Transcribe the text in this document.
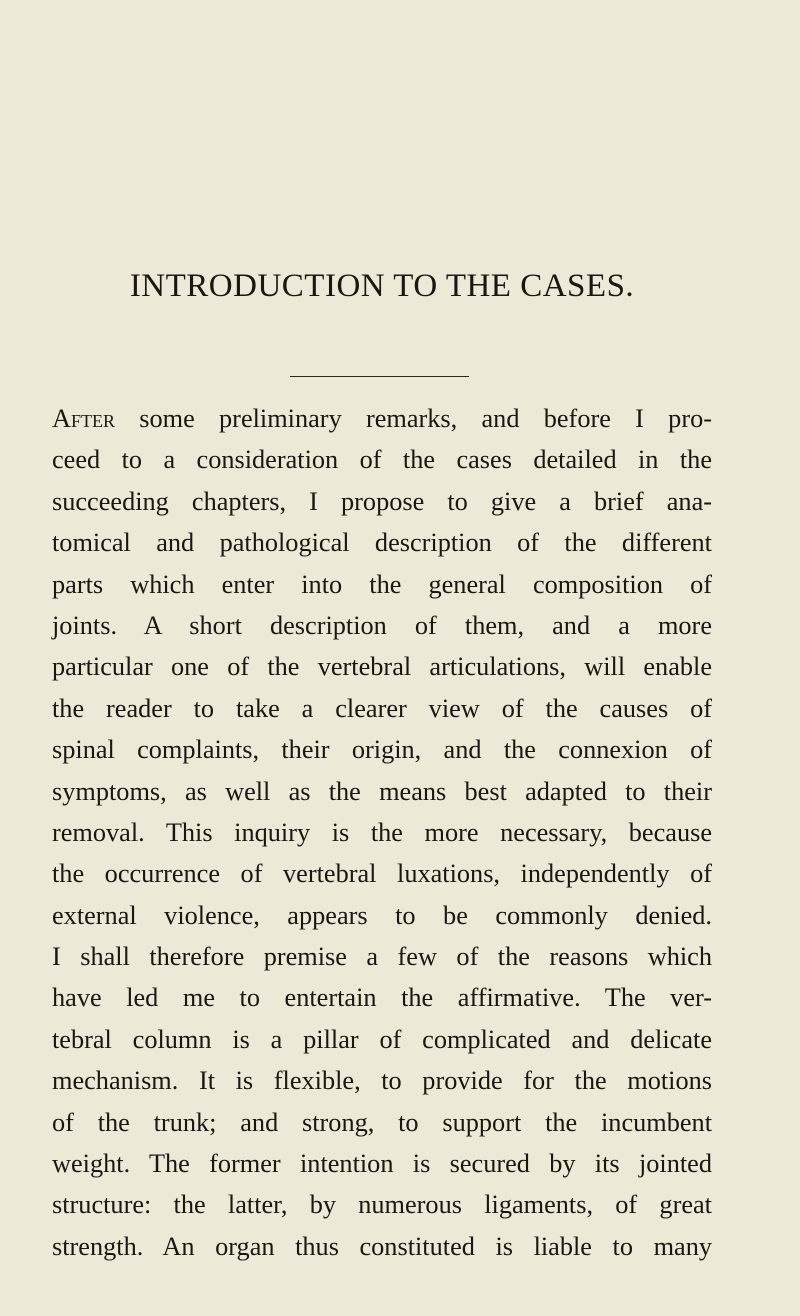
INTRODUCTION TO THE CASES.
After some preliminary remarks, and before I pro-
ceed to a consideration of the cases detailed in the
succeeding chapters, I propose to give a brief ana-
tomical and pathological description of the different
parts which enter into the general composition of
joints. A short description of them, and a more
particular one of the vertebral articulations, will enable
the reader to take a clearer view of the causes of
spinal complaints, their origin, and the connexion of
symptoms, as well as the means best adapted to their
removal. This inquiry is the more necessary, because
the occurrence of vertebral luxations, independently of
external violence, appears to be commonly denied.
I shall therefore premise a few of the reasons which
have led me to entertain the affirmative. The ver-
tebral column is a pillar of complicated and delicate
mechanism. It is flexible, to provide for the motions
of the trunk; and strong, to support the incumbent
weight. The former intention is secured by its jointed
structure: the latter, by numerous ligaments, of great
strength. An organ thus constituted is liable to many
